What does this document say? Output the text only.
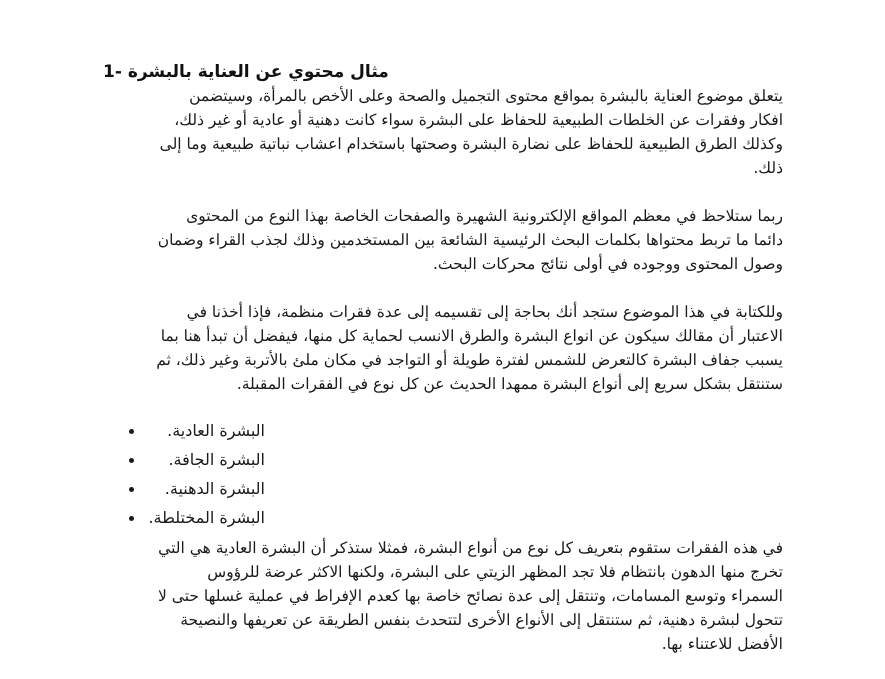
مثال محتوي عن العناية بالبشرة -1
يتعلق موضوع العناية بالبشرة بمواقع محتوى التجميل والصحة وعلى الأخص بالمرأة، وسيتضمن
افكار وفقرات عن الخلطات الطبيعية للحفاظ على البشرة سواء كانت دهنية أو عادية أو غير ذلك،
وكذلك الطرق الطبيعية للحفاظ على نضارة البشرة وصحتها باستخدام اعشاب نباتية طبيعية وما إلى
ذلك.
ربما ستلاحظ في معظم المواقع الإلكترونية الشهيرة والصفحات الخاصة بهذا النوع من المحتوى
دائما ما تربط محتواها بكلمات البحث الرئيسية الشائعة بين المستخدمين وذلك لجذب القراء وضمان
وصول المحتوى ووجوده في أولى نتائج محركات البحث.
وللكتابة في هذا الموضوع ستجد أنك بحاجة إلى تقسيمه إلى عدة فقرات منظمة، فإذا أخذنا في
الاعتبار أن مقالك سيكون عن انواع البشرة والطرق الانسب لحماية كل منها، فيفضل أن تبدأ هنا بما
يسبب جفاف البشرة كالتعرض للشمس لفترة طويلة أو التواجد في مكان ملئ بالأتربة وغير ذلك، ثم
ستنتقل بشكل سريع إلى أنواع البشرة ممهدا الحديث عن كل نوع في الفقرات المقبلة.
البشرة العادية.
البشرة الجافة.
البشرة الدهنية.
البشرة المختلطة.
في هذه الفقرات ستقوم بتعريف كل نوع من أنواع البشرة، فمثلا ستذكر أن البشرة العادية هي التي
تخرج منها الدهون بانتظام فلا تجد المظهر الزيتي على البشرة، ولكنها الاكثر عرضة للرؤوس
السمراء وتوسع المسامات، وتنتقل إلى عدة نصائح خاصة بها كعدم الإفراط في عملية غسلها حتى لا
تتحول لبشرة دهنية، ثم ستنتقل إلى الأنواع الأخرى لتتحدث بنفس الطريقة عن تعريفها والنصيحة
الأفضل للاعتناء بها.
